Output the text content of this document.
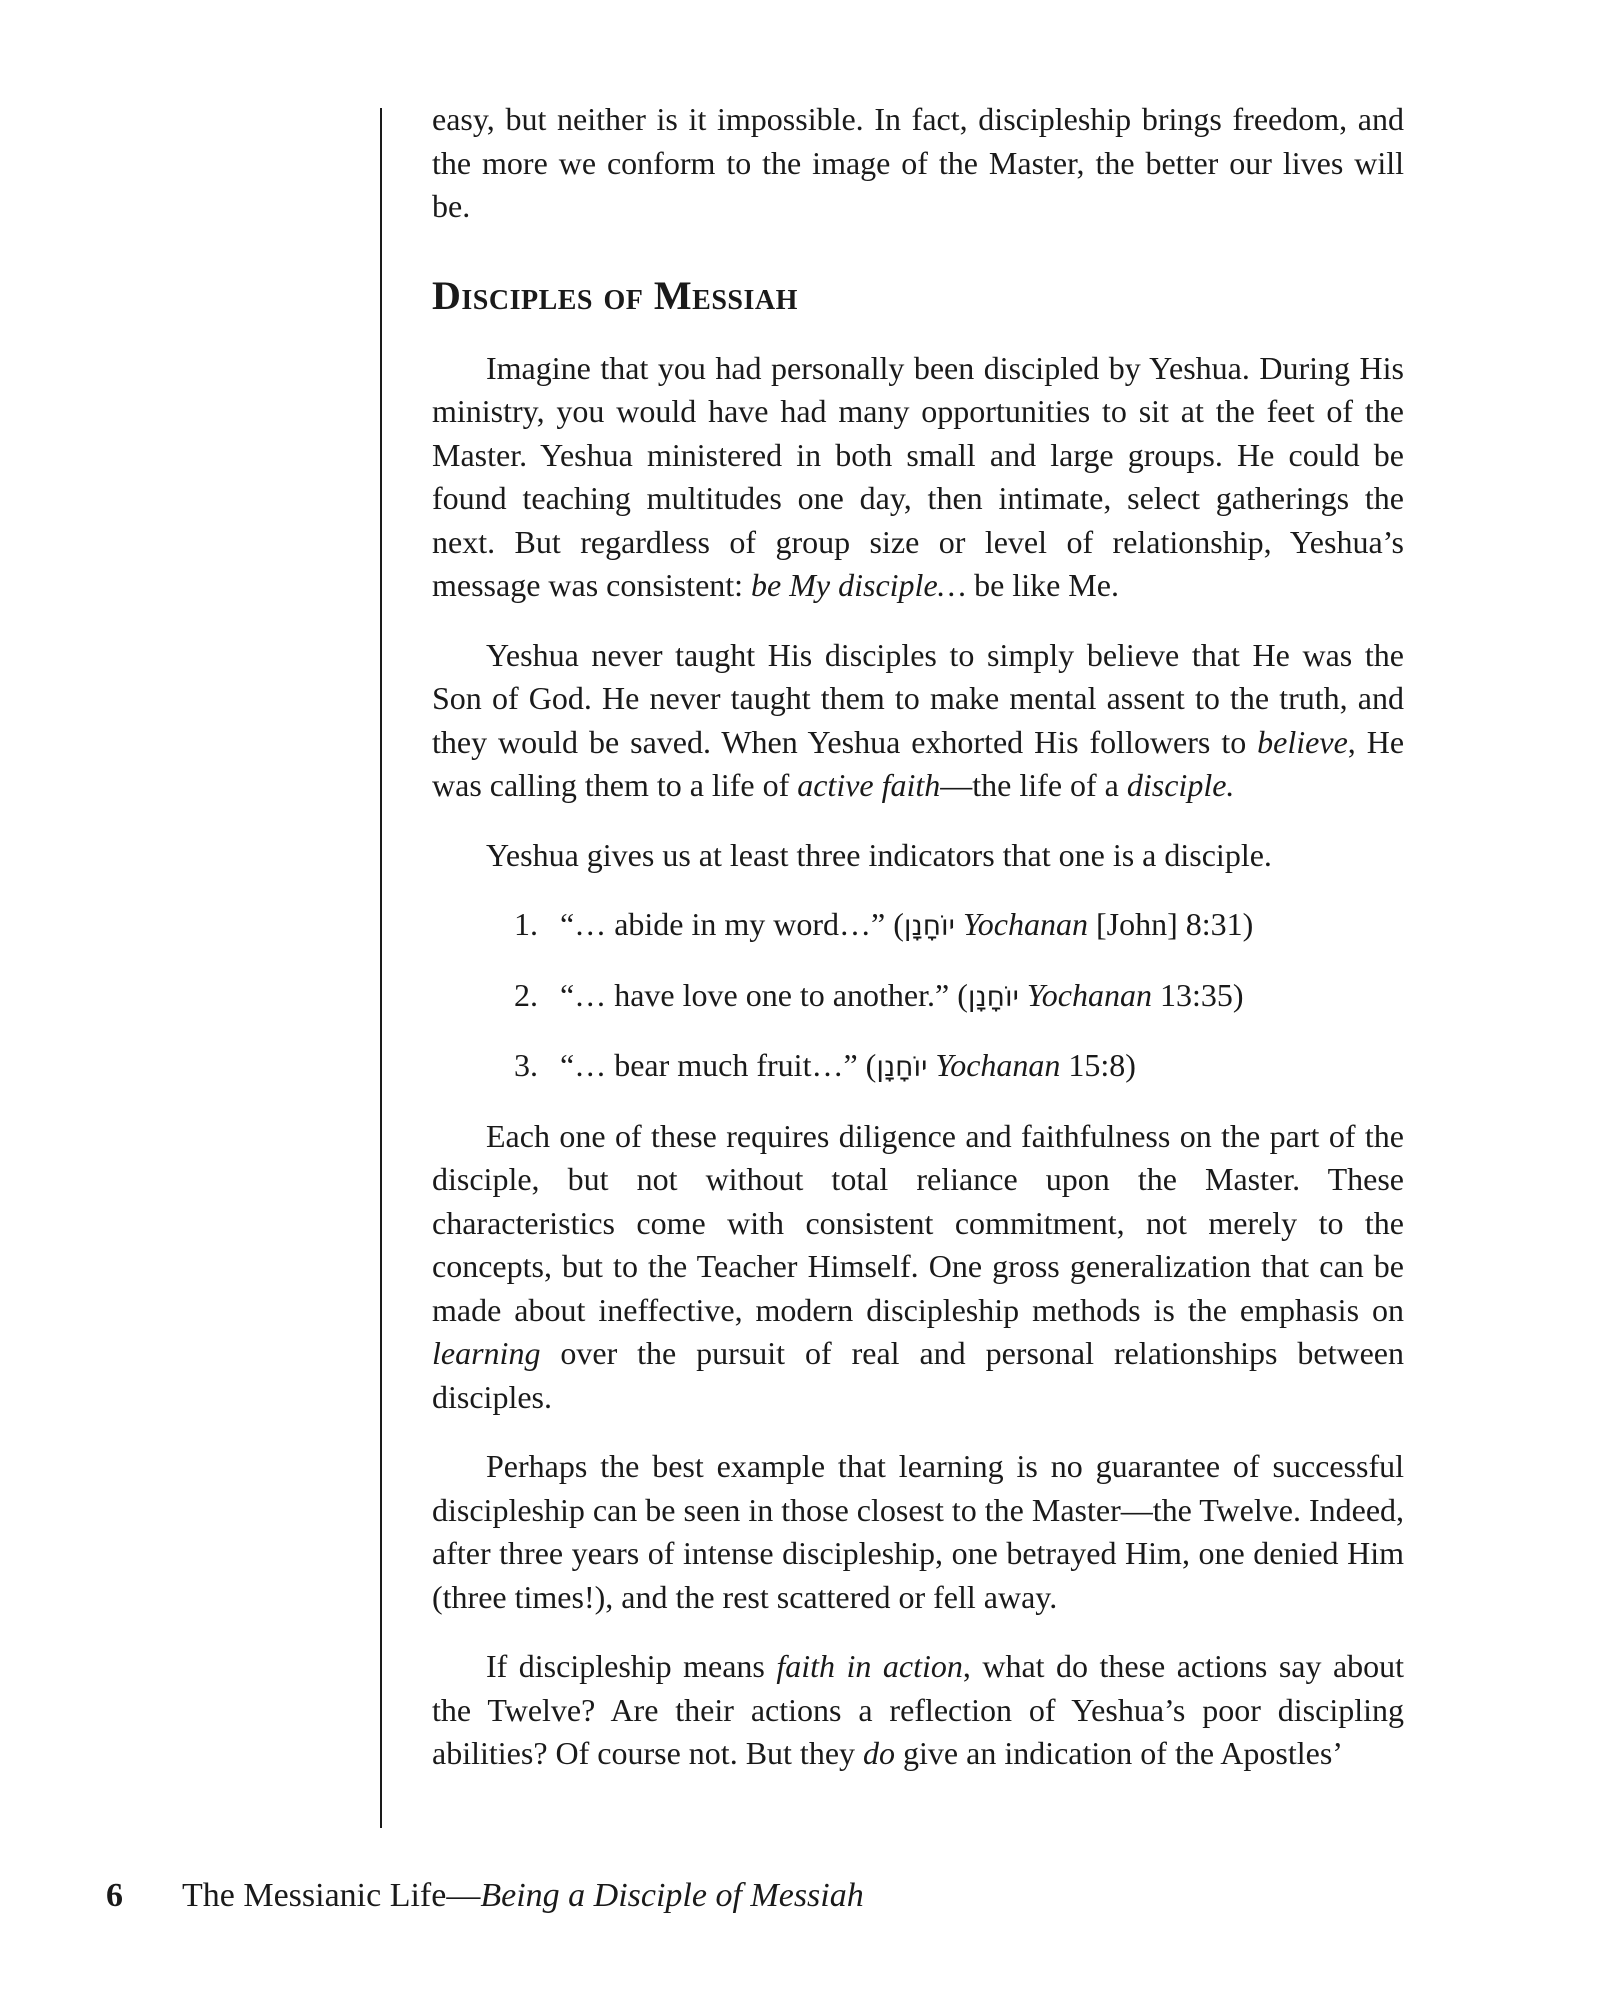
easy, but neither is it impossible. In fact, discipleship brings freedom, and the more we conform to the image of the Master, the better our lives will be.

Disciples of Messiah

Imagine that you had personally been discipled by Yeshua. During His ministry, you would have had many opportunities to sit at the feet of the Master. Yeshua ministered in both small and large groups. He could be found teaching multitudes one day, then intimate, select gatherings the next. But regardless of group size or level of relationship, Yeshua’s message was consistent: be My disciple… be like Me.

Yeshua never taught His disciples to simply believe that He was the Son of God. He never taught them to make mental assent to the truth, and they would be saved. When Yeshua exhorted His followers to believe, He was calling them to a life of active faith—the life of a disciple.

Yeshua gives us at least three indicators that one is a disciple.

1. “… abide in my word…” (יוֹחָנָן Yochanan [John] 8:31)
2. “… have love one to another.” (יוֹחָנָן Yochanan 13:35)
3. “… bear much fruit…” (יוֹחָנָן Yochanan 15:8)

Each one of these requires diligence and faithfulness on the part of the disciple, but not without total reliance upon the Master. These characteristics come with consistent commitment, not merely to the concepts, but to the Teacher Himself. One gross generalization that can be made about ineffective, modern discipleship methods is the emphasis on learning over the pursuit of real and personal relationships between disciples.

Perhaps the best example that learning is no guarantee of successful discipleship can be seen in those closest to the Master—the Twelve. Indeed, after three years of intense discipleship, one betrayed Him, one denied Him (three times!), and the rest scattered or fell away.

If discipleship means faith in action, what do these actions say about the Twelve? Are their actions a reflection of Yeshua’s poor discipling abilities? Of course not. But they do give an indication of the Apostles’

6 The Messianic Life—Being a Disciple of Messiah
